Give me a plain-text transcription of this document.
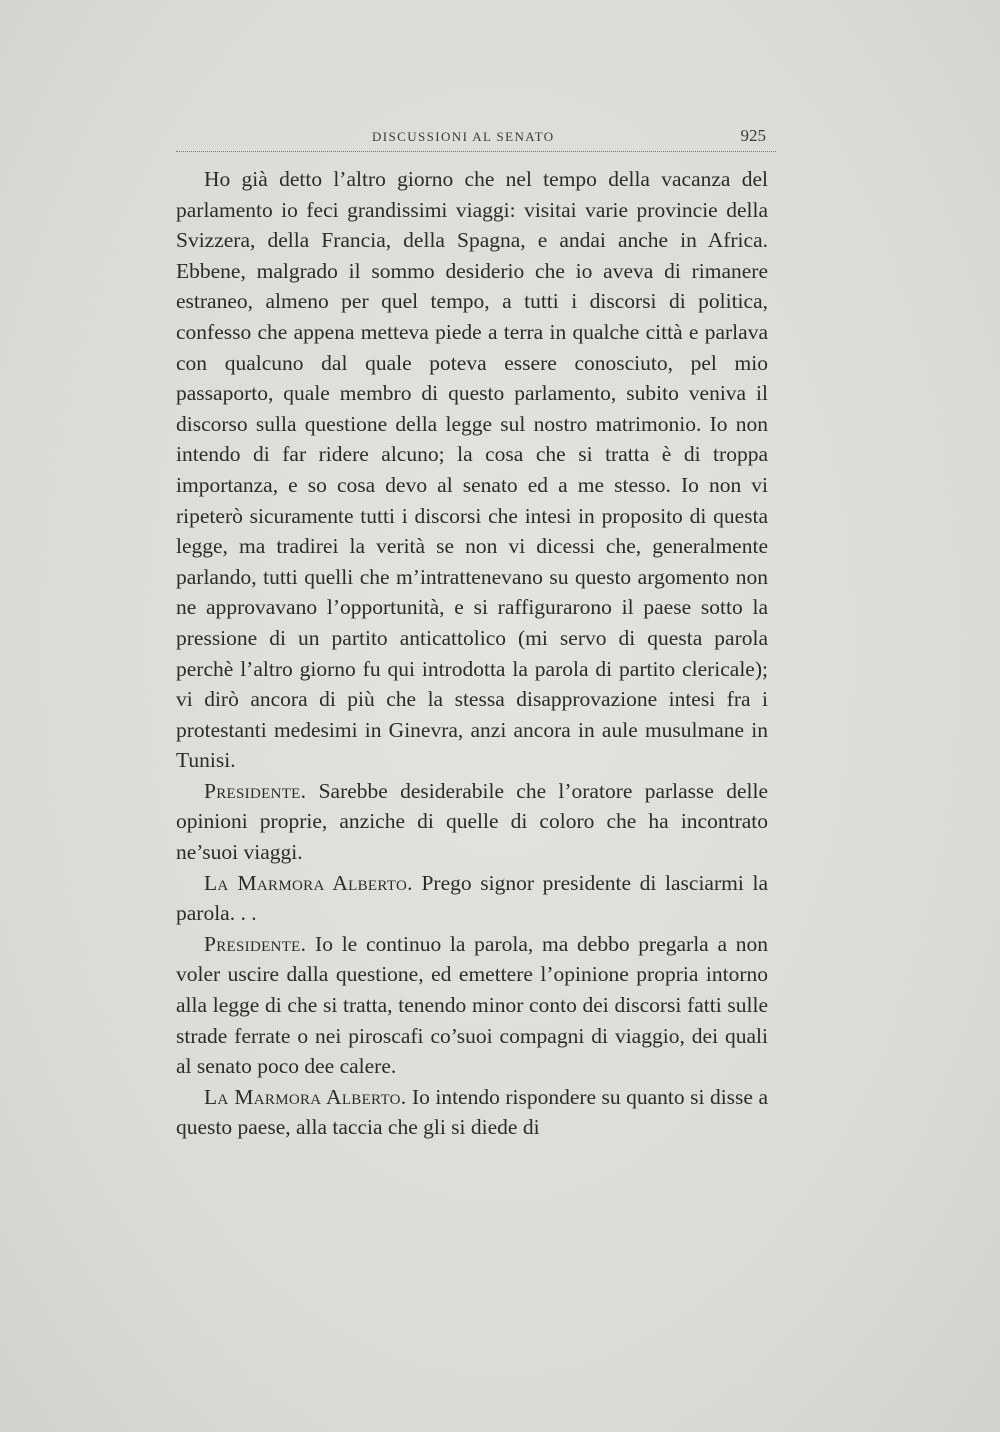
DISCUSSIONI AL SENATO	925

Ho già detto l’altro giorno che nel tempo della vacanza del parlamento io feci grandissimi viaggi: visitai varie provincie della Svizzera, della Francia, della Spagna, e andai anche in Africa. Ebbene, malgrado il sommo desiderio che io aveva di rimanere estraneo, almeno per quel tempo, a tutti i discorsi di politica, confesso che appena metteva piede a terra in qualche città e parlava con qualcuno dal quale poteva essere conosciuto, pel mio passaporto, quale membro di questo parlamento, subito veniva il discorso sulla questione della legge sul nostro matrimonio. Io non intendo di far ridere alcuno; la cosa che si tratta è di troppa importanza, e so cosa devo al senato ed a me stesso. Io non vi ripeterò sicuramente tutti i discorsi che intesi in proposito di questa legge, ma tradirei la verità se non vi dicessi che, generalmente parlando, tutti quelli che m’intrattenevano su questo argomento non ne approvavano l’opportunità, e si raffigurarono il paese sotto la pressione di un partito anticattolico (mi servo di questa parola perchè l’altro giorno fu qui introdotta la parola di partito clericale); vi dirò ancora di più che la stessa disapprovazione intesi fra i protestanti medesimi in Ginevra, anzi ancora in aule musulmane in Tunisi.

Presidente. Sarebbe desiderabile che l’oratore parlasse delle opinioni proprie, anziche di quelle di coloro che ha incontrato ne’suoi viaggi.

La Marmora Alberto. Prego signor presidente di lasciarmi la parola. . .

Presidente. Io le continuo la parola, ma debbo pregarla a non voler uscire dalla questione, ed emettere l’opinione propria intorno alla legge di che si tratta, tenendo minor conto dei discorsi fatti sulle strade ferrate o nei piroscafi co’suoi compagni di viaggio, dei quali al senato poco dee calere.

La Marmora Alberto. Io intendo rispondere su quanto si disse a questo paese, alla taccia che gli si diede di
